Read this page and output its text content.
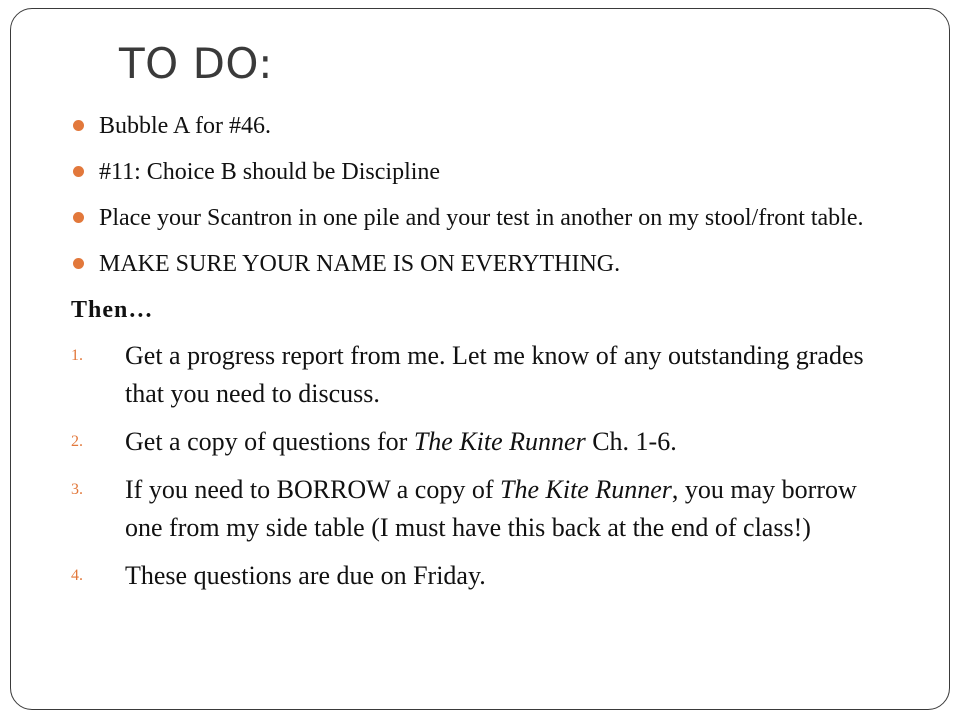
TO DO:
Bubble A for #46.
#11: Choice B should be Discipline
Place your Scantron in one pile and your test in another on my stool/front table.
MAKE SURE YOUR NAME IS ON EVERYTHING.
Then…
1. Get a progress report from me. Let me know of any outstanding grades that you need to discuss.
2. Get a copy of questions for The Kite Runner Ch. 1-6.
3. If you need to BORROW a copy of The Kite Runner, you may borrow one from my side table (I must have this back at the end of class!)
4. These questions are due on Friday.
